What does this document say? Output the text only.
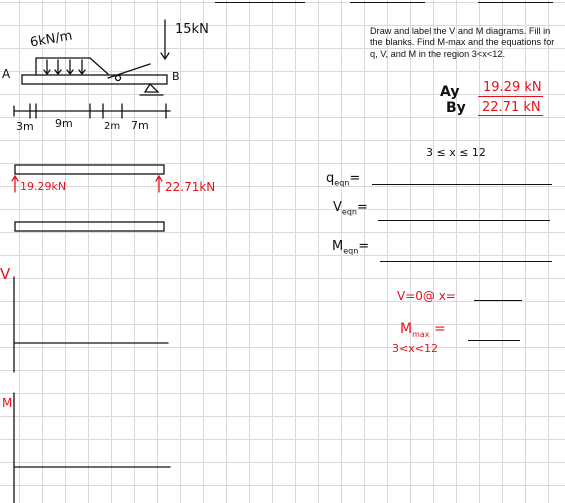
6kN/m	15kN
A	B
3m 9m	2m 7m
Draw and label the V and M diagrams. Fill in the blanks. Find M-max and the equations for q, V, and M in the region 3<x<12.
Ay 19.29 kN
By 22.71 kN
3 ≤ x ≤ 12
19.29kN	22.71kN
$q_{eqn}=$
$V_{eqn}=$
$M_{eqn}=$
V=0@ x=
$M_{max}$ =
3<x<12
V
M
